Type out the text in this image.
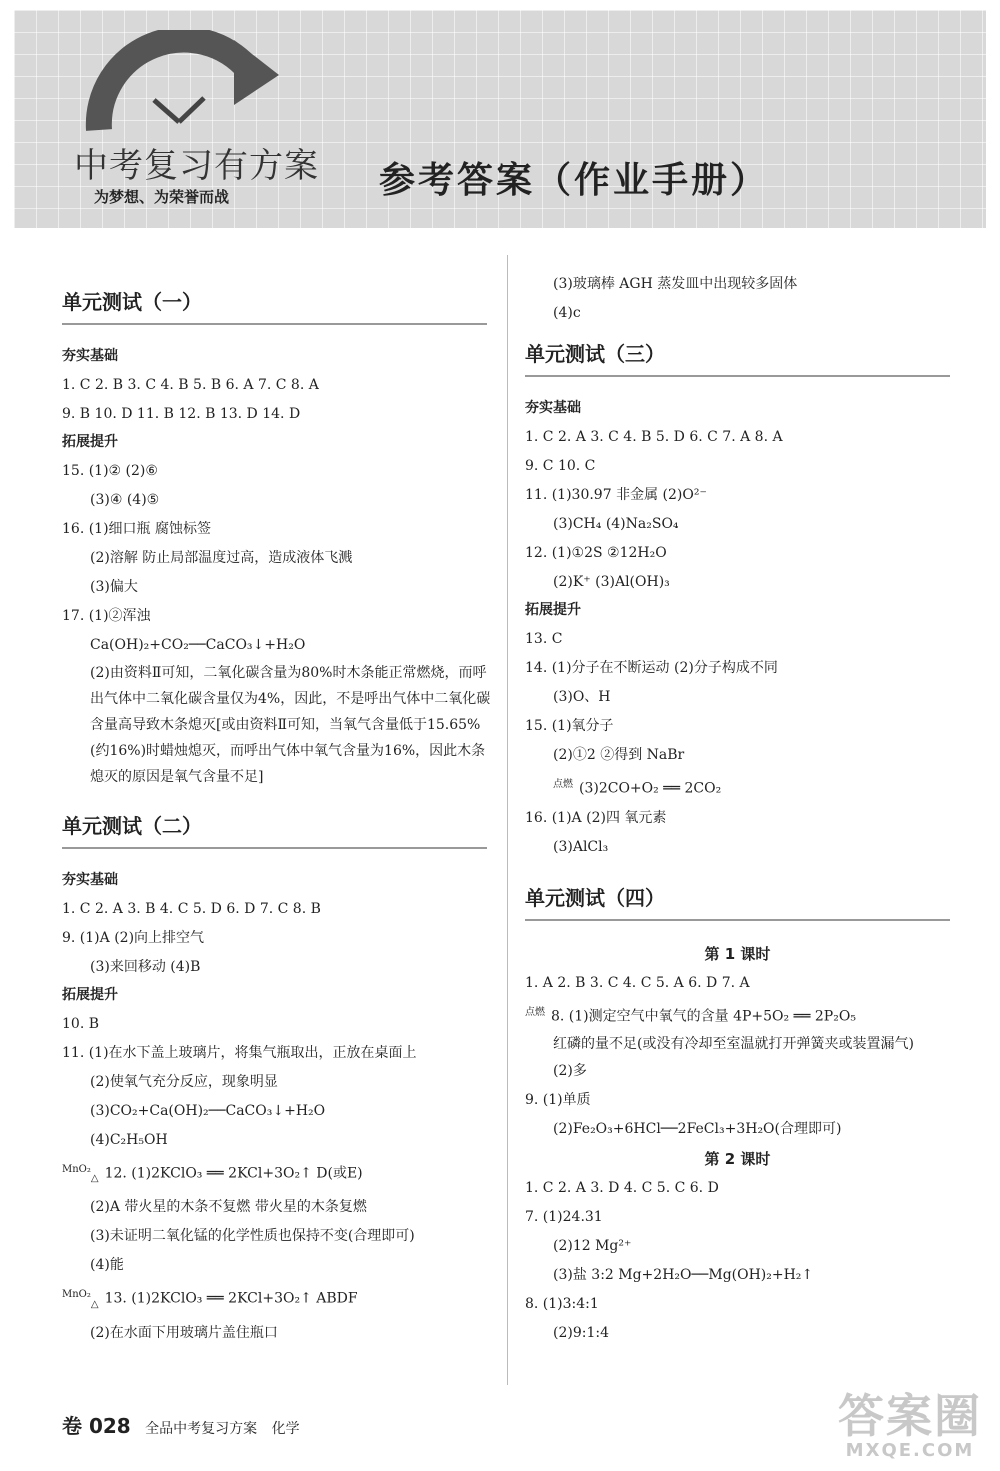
中考复习有方案
为梦想、为荣誉而战	参考答案（作业手册）
单元测试（一）
夯实基础
1. C 2. B 3. C 4. B 5. B 6. A 7. C 8. A
9. B 10. D 11. B 12. B 13. D 14. D
拓展提升
15. (1)② (2)⑥
(3)④ (4)⑤
16. (1)细口瓶 腐蚀标签
(2)溶解 防止局部温度过高，造成液体飞溅
(3)偏大
17. (1)②浑浊
Ca(OH)₂+CO₂──CaCO₃↓+H₂O
(2)由资料Ⅱ可知，二氧化碳含量为80%时木条能正常燃烧，而呼出气体中二氧化碳含量仅为4%，因此，不是呼出气体中二氧化碳含量高导致木条熄灭[或由资料Ⅱ可知，当氧气含量低于15.65%(约16%)时蜡烛熄灭，而呼出气体中氧气含量为16%，因此木条熄灭的原因是氧气含量不足]
单元测试（二）
夯实基础
1. C 2. A 3. B 4. C 5. D 6. D 7. C 8. B
9. (1)A (2)向上排空气
(3)来回移动 (4)B
拓展提升
10. B
11. (1)在水下盖上玻璃片，将集气瓶取出，正放在桌面上
(2)使氧气充分反应，现象明显
(3)CO₂+Ca(OH)₂──CaCO₃↓+H₂O
(4)C₂H₅OH
$^{MnO_2}_\triangle$ 12. (1)2KClO₃ ══ 2KCl+3O₂↑ D(或E)
(2)A 带火星的木条不复燃 带火星的木条复燃
(3)未证明二氧化锰的化学性质也保持不变(合理即可)
(4)能
$^{MnO_2}_\triangle$ 13. (1)2KClO₃ ══ 2KCl+3O₂↑ ABDF
(2)在水面下用玻璃片盖住瓶口
(3)玻璃棒 AGH 蒸发皿中出现较多固体
(4)c
单元测试（三）
夯实基础
1. C 2. A 3. C 4. B 5. D 6. C 7. A 8. A
9. C 10. C
11. (1)30.97 非金属 (2)O²⁻
(3)CH₄ (4)Na₂SO₄
12. (1)①2S ②12H₂O
(2)K⁺ (3)Al(OH)₃
拓展提升
13. C
14. (1)分子在不断运动 (2)分子构成不同
(3)O、H
15. (1)氧分子
(2)①2 ②得到 NaBr
$^{点燃}$ (3)2CO+O₂ ══ 2CO₂
16. (1)A (2)四 氧元素
(3)AlCl₃
单元测试（四）
第 1 课时
1. A 2. B 3. C 4. C 5. A 6. D 7. A
$^{点燃}$ 8. (1)测定空气中氧气的含量 4P+5O₂ ══ 2P₂O₅
红磷的量不足(或没有冷却至室温就打开弹簧夹或装置漏气)
(2)多
9. (1)单质
(2)Fe₂O₃+6HCl──2FeCl₃+3H₂O(合理即可)
第 2 课时
1. C 2. A 3. D 4. C 5. C 6. D
7. (1)24.31
(2)12 Mg²⁺
(3)盐 3:2 Mg+2H₂O──Mg(OH)₂+H₂↑
8. (1)3:4:1
(2)9:1:4
卷 028 全品中考复习方案 化学	答案圈
MXQE.COM
